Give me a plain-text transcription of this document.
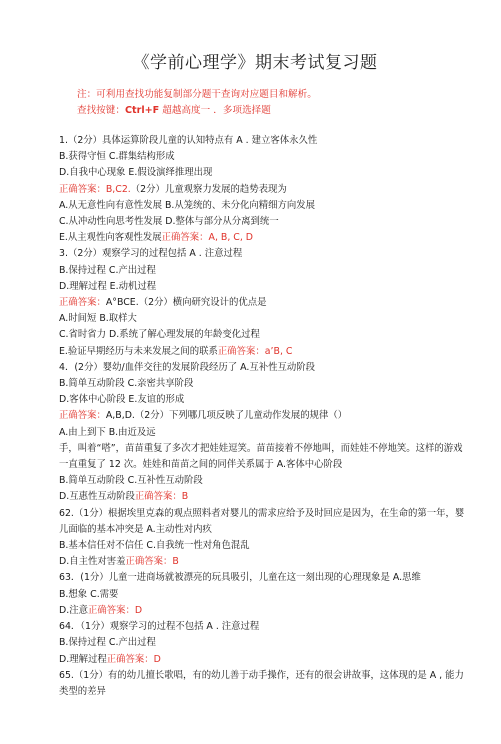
《学前心理学》期末考试复习题
注：可利用查找功能复制部分题干查询对应题目和解析。
查找按键：Ctrl+F 超越高度一 ．多项选择题
1.（2分）具体运算阶段儿童的认知特点有 A . 建立客体永久性
B.获得守恒 C.群集结构形成
D.自我中心现象 E.假设演绎推理出现
正确答案：B,C2.（2分）儿童观察力发展的趋势表现为
A.从无意性向有意性发展 B.从笼统的、未分化向精细方向发展
C.从冲动性向思考性发展 D.整体与部分从分离到统一
E.从主观性向客观性发展正确答案：A, B, C, D
3.（2分）观察学习的过程包括 A . 注意过程
B.保持过程 C.产出过程
D.理解过程 E.动机过程
正确答案：A°BCE.（2分）横向研究设计的优点是
A.时间短 B.取样大
C.省时省力 D.系统了解心理发展的年龄变化过程
E.验证早期经历与未来发展之间的联系正确答案：a’B, C
4．(2分）婴幼/血伴交往的发展阶段经历了 A.互补性互动阶段
B.简单互动阶段 C.亲密共享阶段
D.客体中心阶段 E.友谊的形成
正确答案：A,B,D.（2分）下列哪几项反映了儿童动作发展的规律（）
A.由上到下 B.由近及远
手，叫着“嗒”，苗苗重复了多次才把娃娃逗笑。苗苗接着不停地叫，而娃娃不停地笑。这样的游戏一直重复了 12 次。娃娃和苗苗之间的同伴关系属于 A.客体中心阶段
B.简单互动阶段 C.互补性互动阶段
D.互惠性互动阶段正确答案：B
62.（1分）根据埃里克森的观点照料者对婴儿的需求应给予及时回应是因为，在生命的第一年，婴儿面临的基本冲突是 A.主动性对内疚
B.基本信任对不信任 C.自我统一性对角色混乱
D.自主性对害羞正确答案：B
63．(1分）儿童一进商场就被漂亮的玩具吸引，儿童在这一刻出现的心理现象是 A.思维
B.想象 C.需要
D.注意正确答案：D
64．（1分）观察学习的过程不包括 A . 注意过程
B.保持过程 C.产出过程
D.理解过程正确答案：D
65.（1分）有的幼儿擅长歌唱，有的幼儿善于动手操作，还有的很会讲故事，这体现的是 A , 能力类型的差异
